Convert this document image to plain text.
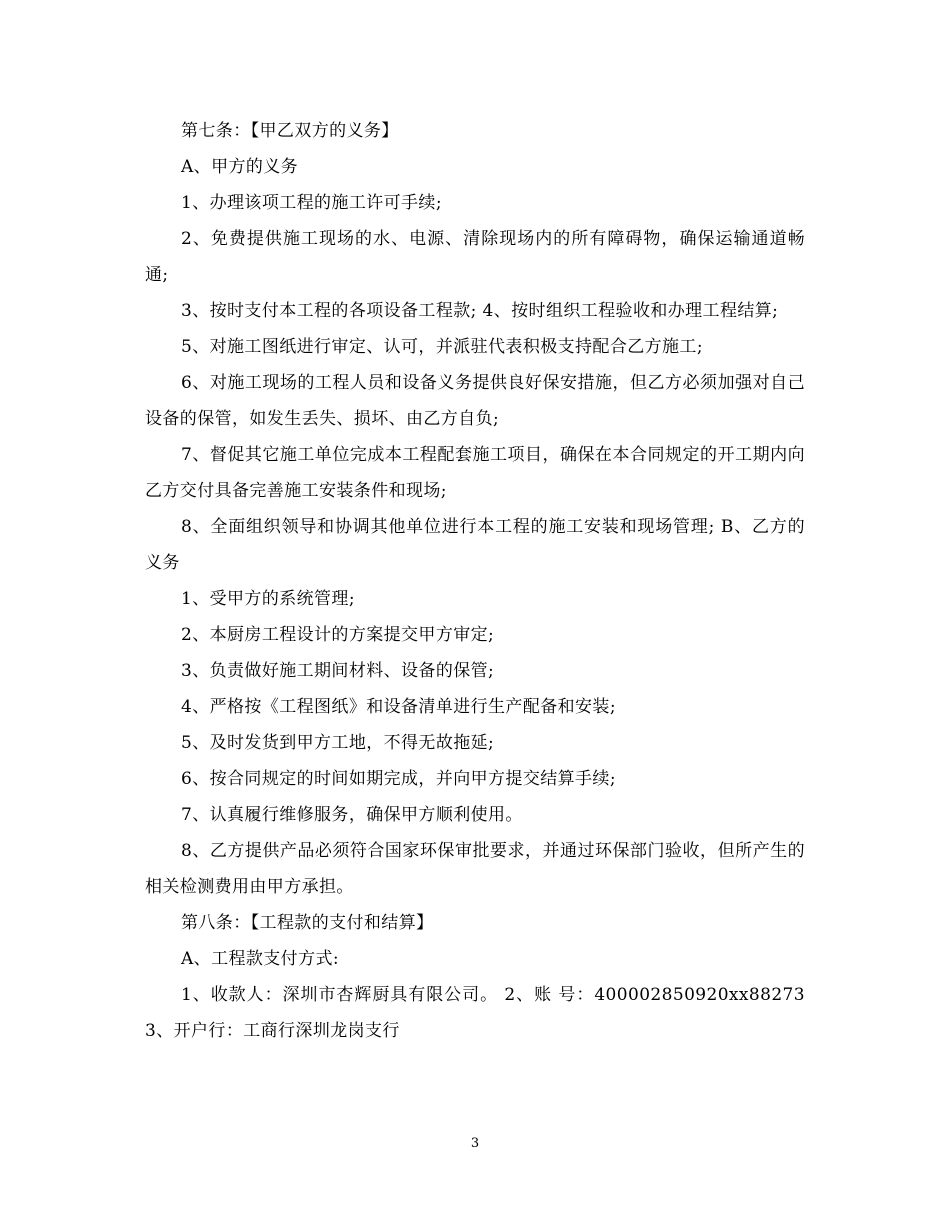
第七条：【甲乙双方的义务】

A、甲方的义务

1、办理该项工程的施工许可手续;

2、免费提供施工现场的水、电源、清除现场内的所有障碍物，确保运输通道畅通;

3、按时支付本工程的各项设备工程款; 4、按时组织工程验收和办理工程结算;

5、对施工图纸进行审定、认可，并派驻代表积极支持配合乙方施工;

6、对施工现场的工程人员和设备义务提供良好保安措施，但乙方必须加强对自己设备的保管，如发生丢失、损坏、由乙方自负;

7、督促其它施工单位完成本工程配套施工项目，确保在本合同规定的开工期内向乙方交付具备完善施工安装条件和现场;

8、全面组织领导和协调其他单位进行本工程的施工安装和现场管理; B、乙方的义务

1、受甲方的系统管理;

2、本厨房工程设计的方案提交甲方审定;

3、负责做好施工期间材料、设备的保管;

4、严格按《工程图纸》和设备清单进行生产配备和安装;

5、及时发货到甲方工地，不得无故拖延;

6、按合同规定的时间如期完成，并向甲方提交结算手续;

7、认真履行维修服务，确保甲方顺利使用。

8、乙方提供产品必须符合国家环保审批要求，并通过环保部门验收，但所产生的相关检测费用由甲方承担。

第八条：【工程款的支付和结算】

A、工程款支付方式:

1、收款人：深圳市杏辉厨具有限公司。 2、账 号：400002850920xx88273 3、开户行：工商行深圳龙岗支行

3
